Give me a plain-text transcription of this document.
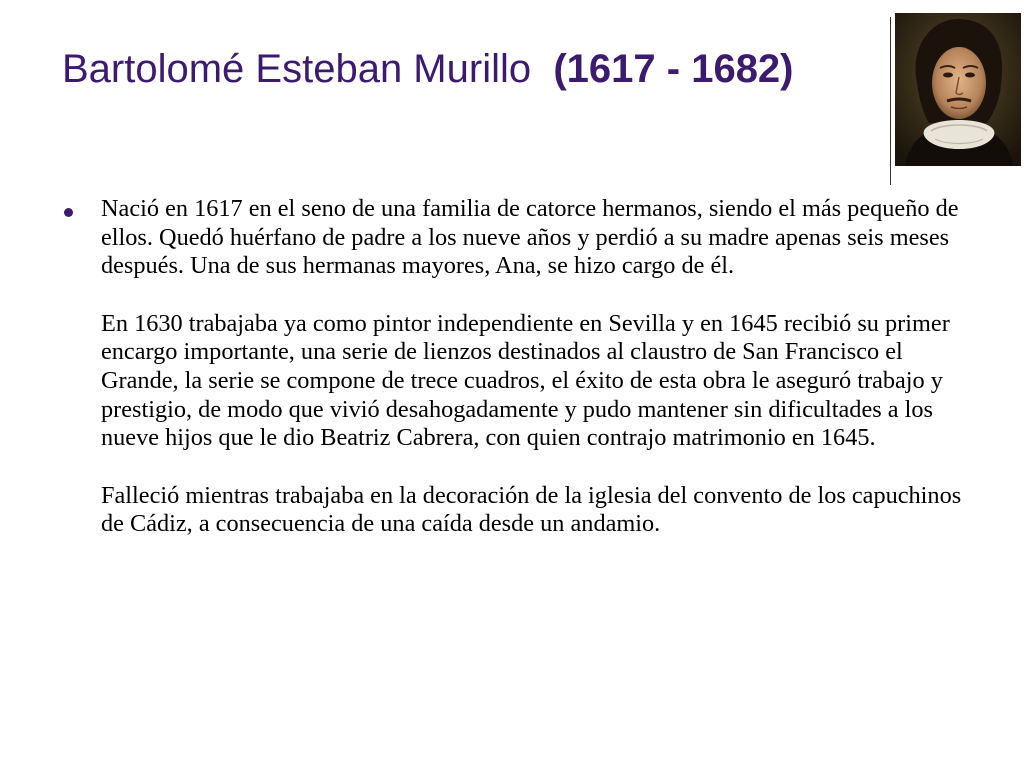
Bartolomé Esteban Murillo (1617 - 1682)

Nació en 1617 en el seno de una familia de catorce hermanos, siendo el más pequeño de ellos. Quedó huérfano de padre a los nueve años y perdió a su madre apenas seis meses después. Una de sus hermanas mayores, Ana, se hizo cargo de él.

En 1630 trabajaba ya como pintor independiente en Sevilla y en 1645 recibió su primer encargo importante, una serie de lienzos destinados al claustro de San Francisco el Grande, la serie se compone de trece cuadros, el éxito de esta obra le aseguró trabajo y prestigio, de modo que vivió desahogadamente y pudo mantener sin dificultades a los nueve hijos que le dio Beatriz Cabrera, con quien contrajo matrimonio en 1645.

Falleció mientras trabajaba en la decoración de la iglesia del convento de los capuchinos de Cádiz, a consecuencia de una caída desde un andamio.
